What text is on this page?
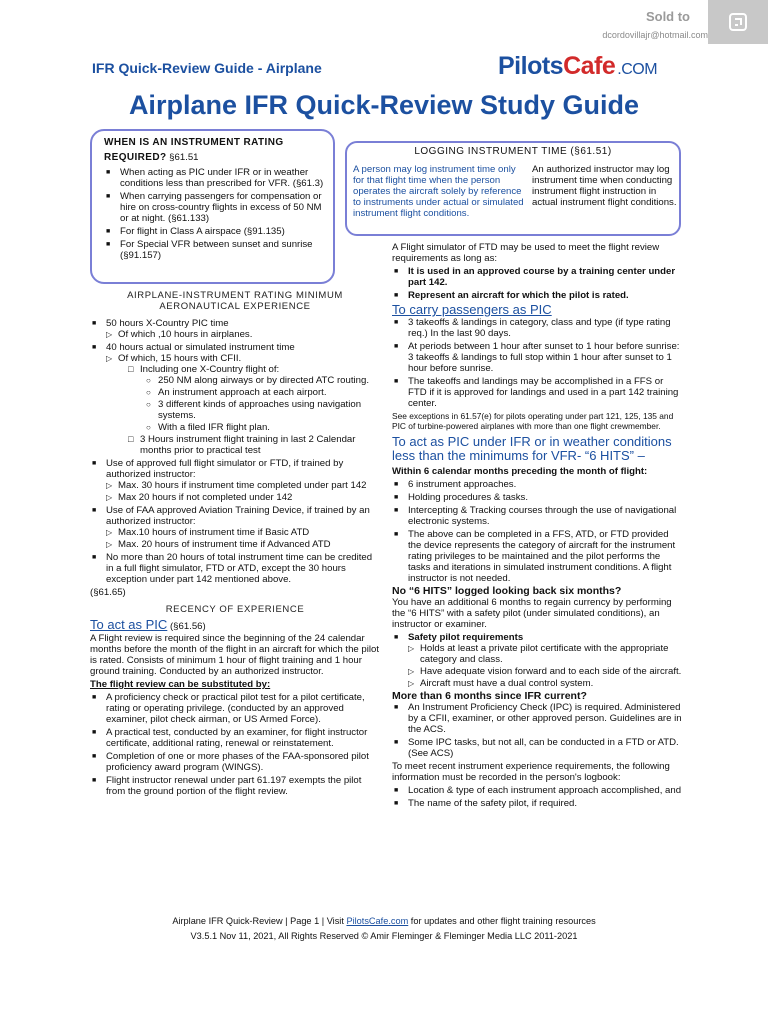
Sold to
dcordovillajr@hotmail.com
IFR Quick-Review Guide - Airplane	PilotsCafe .COM
Airplane IFR Quick-Review Study Guide
WHEN IS AN INSTRUMENT RATING
REQUIRED? §61.51
■ When acting as PIC under IFR or in weather conditions less than prescribed for VFR. (§61.3)
■ When carrying passengers for compensation or hire on cross-country flights in excess of 50 NM or at night. (§61.133)
■ For flight in Class A airspace (§91.135)
■ For Special VFR between sunset and sunrise (§91.157)
LOGGING INSTRUMENT TIME (§61.51)
A person may log instrument time only for that flight time when the person operates the aircraft solely by reference to instruments under actual or simulated instrument flight conditions.
An authorized instructor may log instrument time when conducting instrument flight instruction in actual instrument flight conditions.
AIRPLANE-INSTRUMENT RATING MINIMUM
AERONAUTICAL EXPERIENCE
■ 50 hours X-Country PIC time
▷ Of which ,10 hours in airplanes.
■ 40 hours actual or simulated instrument time
▷ Of which, 15 hours with CFII.
□ Including one X-Country flight of:
○ 250 NM along airways or by directed ATC routing.
○ An instrument approach at each airport.
○ 3 different kinds of approaches using navigation systems.
○ With a filed IFR flight plan.
□ 3 Hours instrument flight training in last 2 Calendar months prior to practical test
■ Use of approved full flight simulator or FTD, if trained by authorized instructor:
▷ Max. 30 hours if instrument time completed under part 142
▷ Max 20 hours if not completed under 142
■ Use of FAA approved Aviation Training Device, if trained by an authorized instructor:
▷ Max.10 hours of instrument time if Basic ATD
▷ Max. 20 hours of instrument time if Advanced ATD
■ No more than 20 hours of total instrument time can be credited in a full flight simulator, FTD or ATD, except the 30 hours exception under part 142 mentioned above.
(§61.65)
RECENCY OF EXPERIENCE
To act as PIC (§61.56)
A Flight review is required since the beginning of the 24 calendar months before the month of the flight in an aircraft for which the pilot is rated. Consists of minimum 1 hour of flight training and 1 hour ground training. Conducted by an authorized instructor.
The flight review can be substituted by:
■ A proficiency check or practical pilot test for a pilot certificate, rating or operating privilege. (conducted by an approved examiner, pilot check airman, or US Armed Force).
■ A practical test, conducted by an examiner, for flight instructor certificate, additional rating, renewal or reinstatement.
■ Completion of one or more phases of the FAA-sponsored pilot proficiency award program (WINGS).
■ Flight instructor renewal under part 61.197 exempts the pilot from the ground portion of the flight review.
A Flight simulator of FTD may be used to meet the flight review requirements as long as:
■ It is used in an approved course by a training center under part 142.
■ Represent an aircraft for which the pilot is rated.
To carry passengers as PIC
■ 3 takeoffs & landings in category, class and type (if type rating req.) In the last 90 days.
■ At periods between 1 hour after sunset to 1 hour before sunrise: 3 takeoffs & landings to full stop within 1 hour after sunset to 1 hour before sunrise.
■ The takeoffs and landings may be accomplished in a FFS or FTD if it is approved for landings and used in a part 142 training center.
See exceptions in 61.57(e) for pilots operating under part 121, 125, 135 and PIC of turbine-powered airplanes with more than one flight crewmember.
To act as PIC under IFR or in weather conditions less than the minimums for VFR- “6 HITS” –
Within 6 calendar months preceding the month of flight:
■ 6 instrument approaches.
■ Holding procedures & tasks.
■ Intercepting & Tracking courses through the use of navigational electronic systems.
■ The above can be completed in a FFS, ATD, or FTD provided the device represents the category of aircraft for the instrument rating privileges to be maintained and the pilot performs the tasks and iterations in simulated instrument conditions. A flight instructor is not needed.
No “6 HITS” logged looking back six months?
You have an additional 6 months to regain currency by performing the “6 HITS” with a safety pilot (under simulated conditions), an instructor or examiner.
■ Safety pilot requirements
▷ Holds at least a private pilot certificate with the appropriate category and class.
▷ Have adequate vision forward and to each side of the aircraft.
▷ Aircraft must have a dual control system.
More than 6 months since IFR current?
■ An Instrument Proficiency Check (IPC) is required. Administered by a CFII, examiner, or other approved person. Guidelines are in the ACS.
■ Some IPC tasks, but not all, can be conducted in a FTD or ATD. (See ACS)
To meet recent instrument experience requirements, the following information must be recorded in the person's logbook:
■ Location & type of each instrument approach accomplished, and
■ The name of the safety pilot, if required.
Airplane IFR Quick-Review | Page 1 | Visit PilotsCafe.com for updates and other flight training resources
V3.5.1 Nov 11, 2021, All Rights Reserved © Amir Fleminger & Fleminger Media LLC 2011-2021
